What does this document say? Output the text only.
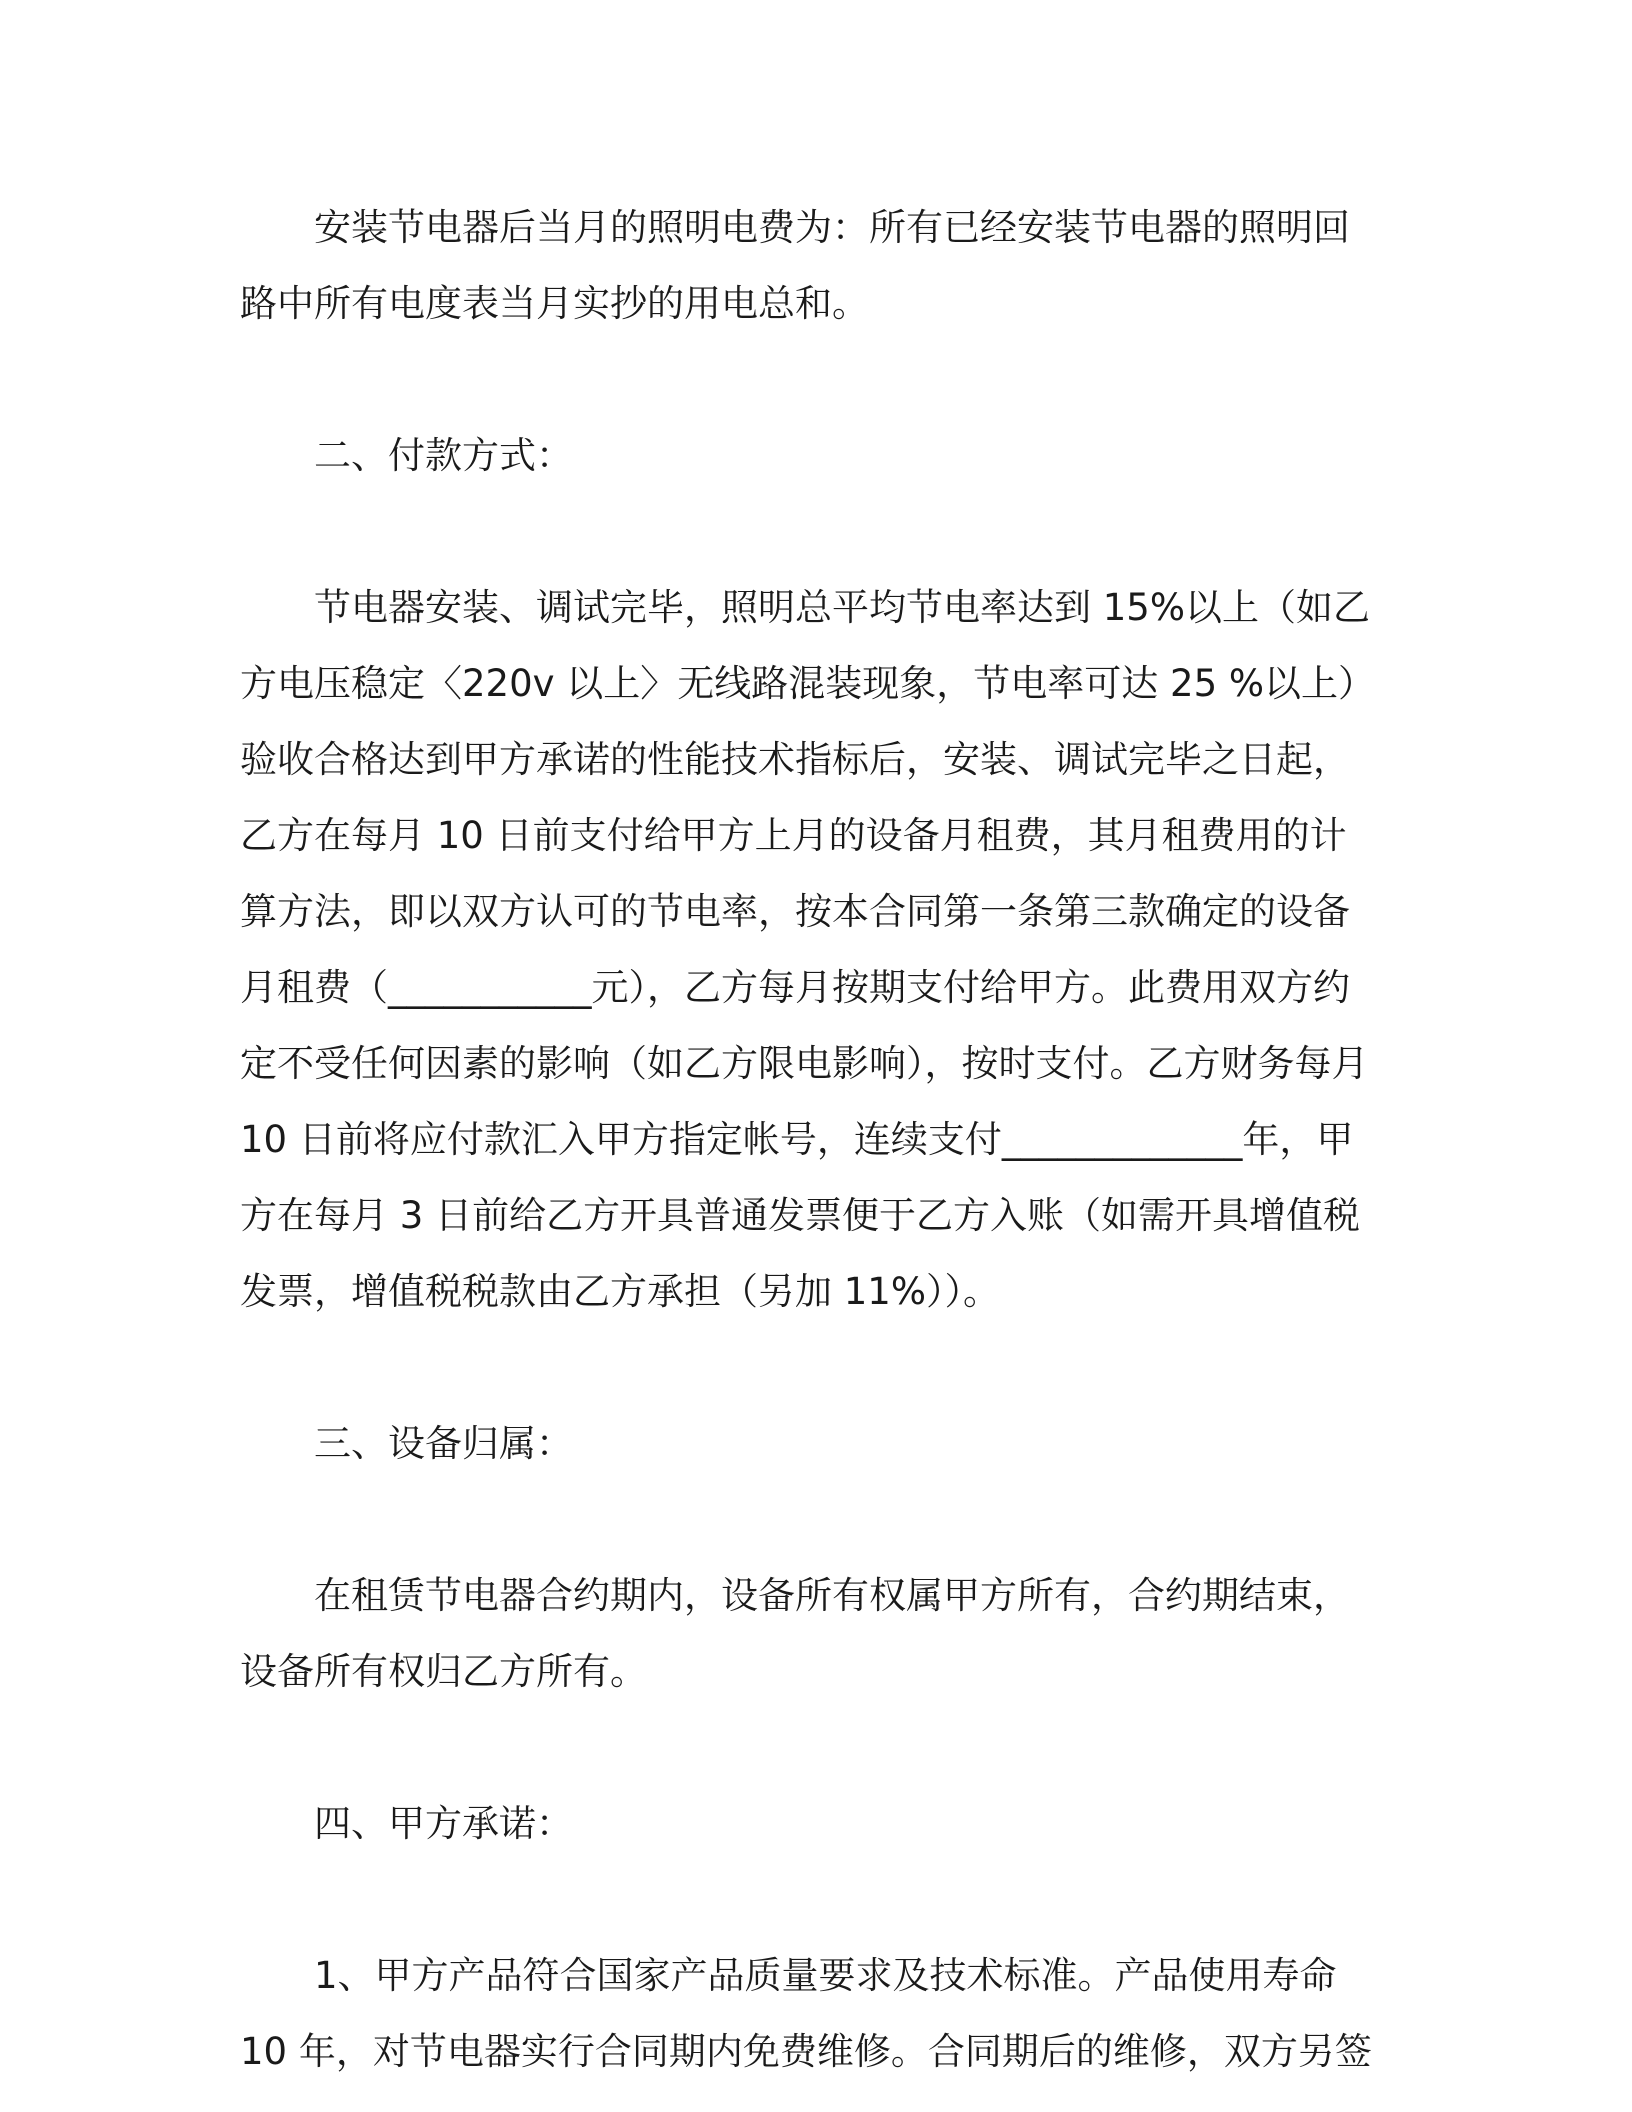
安装节电器后当月的照明电费为：所有已经安装节电器的照明回路中所有电度表当月实抄的用电总和。

二、付款方式：

节电器安装、调试完毕，照明总平均节电率达到 15%以上（如乙方电压稳定〈220v 以上〉无线路混装现象，节电率可达 25 %以上）验收合格达到甲方承诺的性能技术指标后，安装、调试完毕之日起，乙方在每月 10 日前支付给甲方上月的设备月租费，其月租费用的计算方法，即以双方认可的节电率，按本合同第一条第三款确定的设备月租费（___________元），乙方每月按期支付给甲方。此费用双方约定不受任何因素的影响（如乙方限电影响），按时支付。乙方财务每月 10 日前将应付款汇入甲方指定帐号，连续支付_____________年，甲方在每月 3 日前给乙方开具普通发票便于乙方入账（如需开具增值税发票，增值税税款由乙方承担（另加 11%））。

三、设备归属：

在租赁节电器合约期内，设备所有权属甲方所有，合约期结束，设备所有权归乙方所有。

四、甲方承诺：

1、甲方产品符合国家产品质量要求及技术标准。产品使用寿命 10 年，对节电器实行合同期内免费维修。合同期后的维修，双方另签
